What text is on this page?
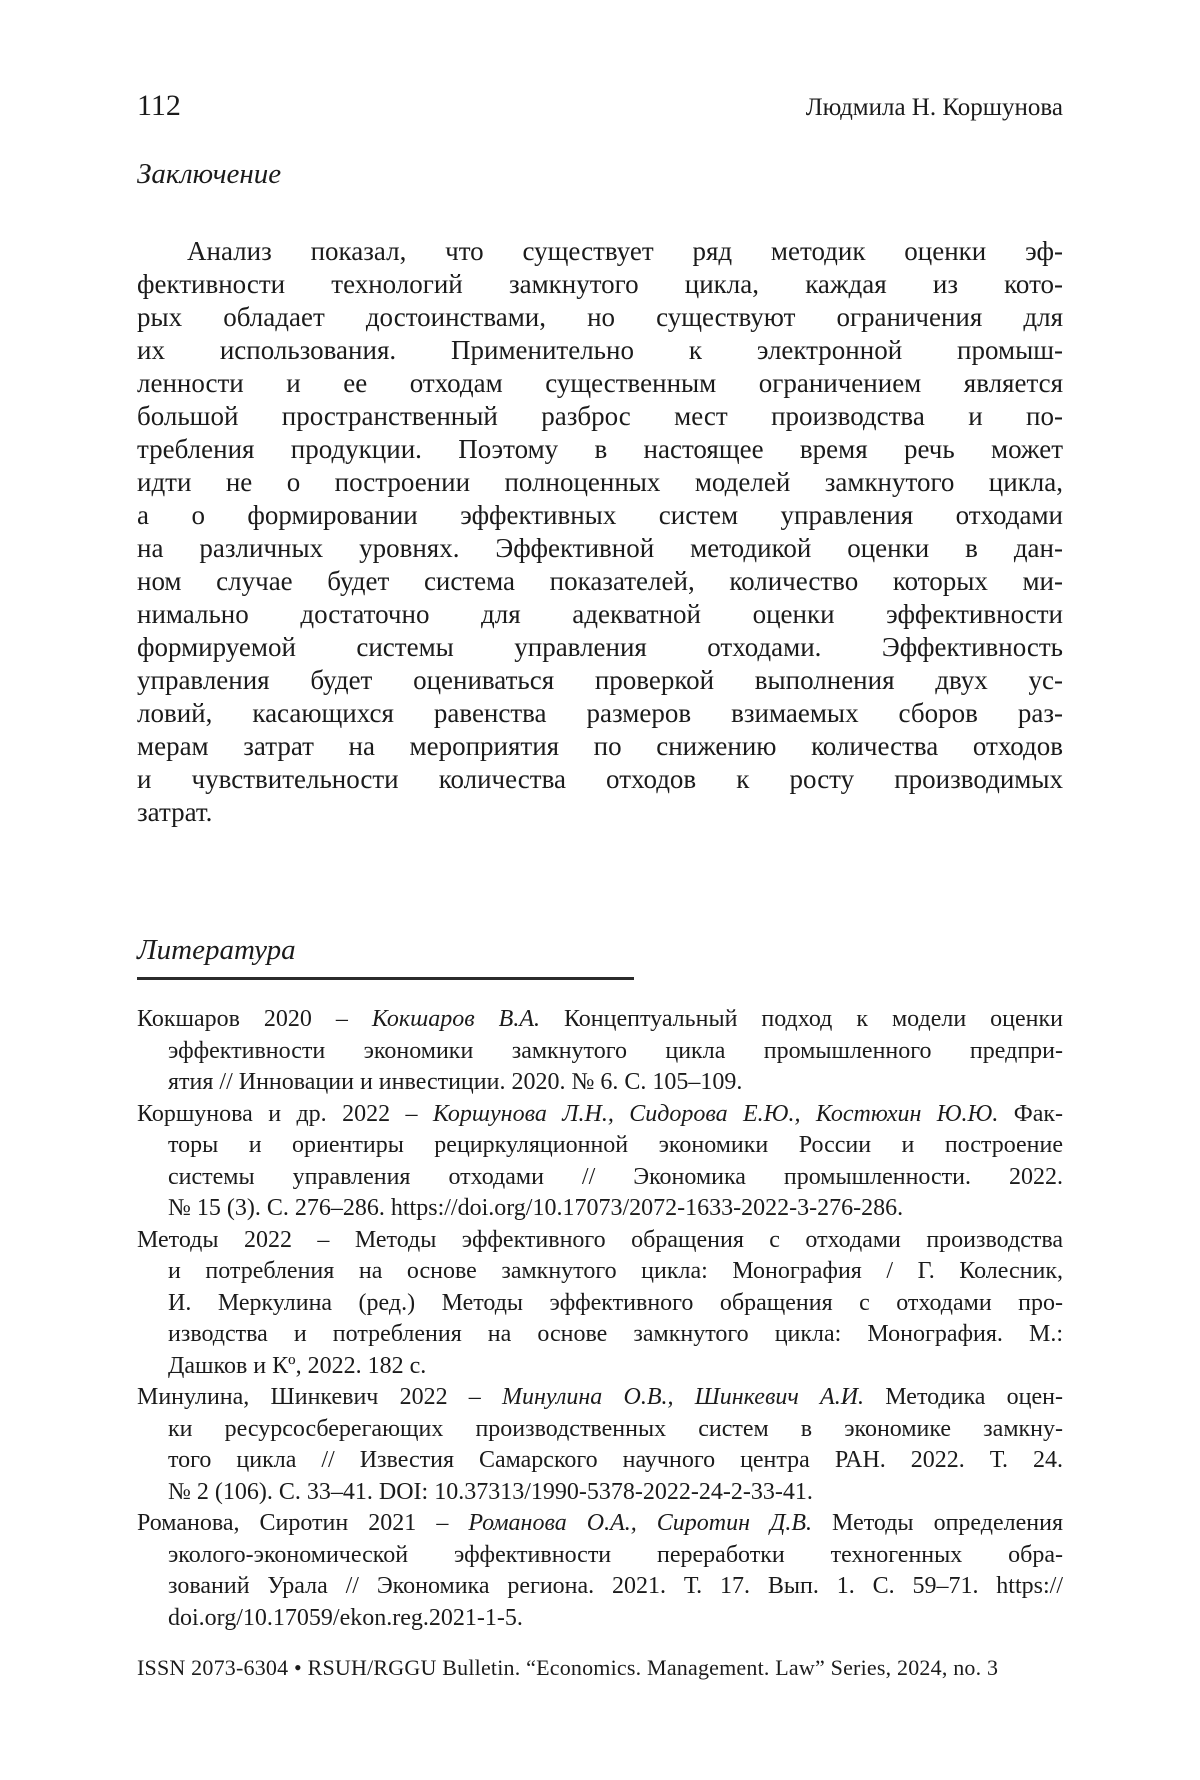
112	Людмила Н. Коршунова
Заключение
Анализ показал, что существует ряд методик оценки эф-
фективности технологий замкнутого цикла, каждая из кото-
рых обладает достоинствами, но существуют ограничения для
их использования. Применительно к электронной промыш-
ленности и ее отходам существенным ограничением является
большой пространственный разброс мест производства и по-
требления продукции. Поэтому в настоящее время речь может
идти не о построении полноценных моделей замкнутого цикла,
а о формировании эффективных систем управления отходами
на различных уровнях. Эффективной методикой оценки в дан-
ном случае будет система показателей, количество которых ми-
нимально достаточно для адекватной оценки эффективности
формируемой системы управления отходами. Эффективность
управления будет оцениваться проверкой выполнения двух ус-
ловий, касающихся равенства размеров взимаемых сборов раз-
мерам затрат на мероприятия по снижению количества отходов
и чувствительности количества отходов к росту производимых
затрат.
Литература
Кокшаров 2020 – Кокшаров В.А. Концептуальный подход к модели оценки
эффективности экономики замкнутого цикла промышленного предпри-
ятия // Инновации и инвестиции. 2020. № 6. С. 105–109.
Коршунова и др. 2022 – Коршунова Л.Н., Сидорова Е.Ю., Костюхин Ю.Ю. Фак-
торы и ориентиры рециркуляционной экономики России и построение
системы управления отходами // Экономика промышленности. 2022.
№ 15 (3). С. 276–286. https://doi.org/10.17073/2072-1633-2022-3-276-286.
Методы 2022 – Методы эффективного обращения с отходами производства
и потребления на основе замкнутого цикла: Монография / Г. Колесник,
И. Меркулина (ред.) Методы эффективного обращения с отходами про-
изводства и потребления на основе замкнутого цикла: Монография. М.:
Дашков и Кº, 2022. 182 с.
Минулина, Шинкевич 2022 – Минулина О.В., Шинкевич А.И. Методика оцен-
ки ресурсосберегающих производственных систем в экономике замкну-
того цикла // Известия Самарского научного центра РАН. 2022. Т. 24.
№ 2 (106). С. 33–41. DOI: 10.37313/1990-5378-2022-24-2-33-41.
Романова, Сиротин 2021 – Романова О.А., Сиротин Д.В. Методы определения
эколого-экономической эффективности переработки техногенных обра-
зований Урала // Экономика региона. 2021. Т. 17. Вып. 1. С. 59–71. https://
doi.org/10.17059/ekon.reg.2021-1-5.
ISSN 2073-6304 • RSUH/RGGU Bulletin. “Economics. Management. Law” Series, 2024, no. 3
